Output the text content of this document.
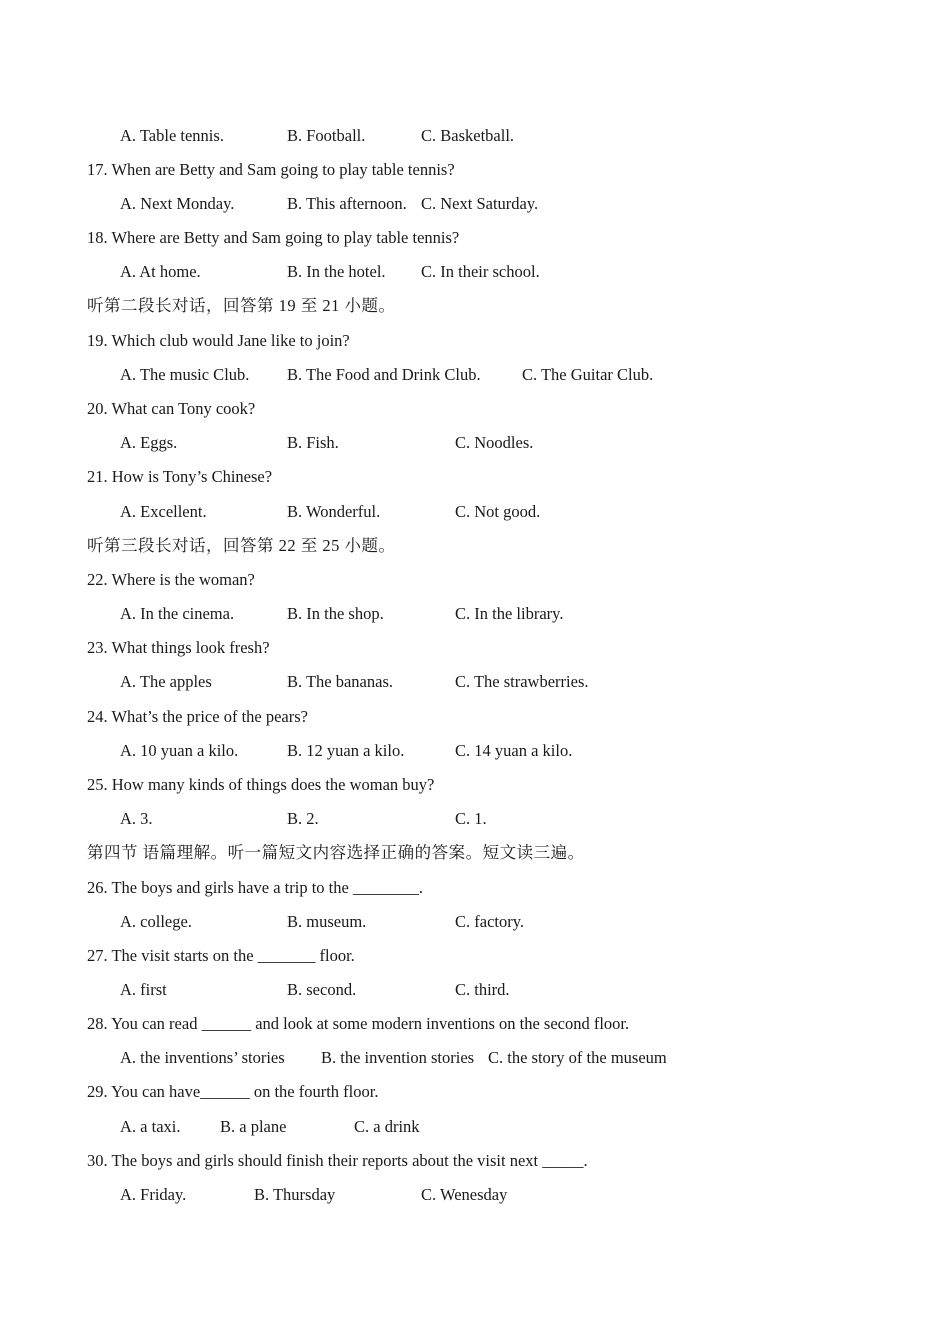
A. Table tennis.	B. Football.	C. Basketball.
17. When are Betty and Sam going to play table tennis?
A. Next Monday.	B. This afternoon. C. Next Saturday.
18. Where are Betty and Sam going to play table tennis?
A. At home.	B. In the hotel. C. In their school.
听第二段长对话，回答第 19 至 21 小题。
19. Which club would Jane like to join?
A. The music Club. B. The Food and Drink Club.	C. The Guitar Club.
20. What can Tony cook?
A. Eggs.	B. Fish.	C. Noodles.
21. How is Tony’s Chinese?
A. Excellent.	B. Wonderful.	C. Not good.
听第三段长对话，回答第 22 至 25 小题。
22. Where is the woman?
A. In the cinema.	B. In the shop.	C. In the library.
23. What things look fresh?
A. The apples	B. The bananas.	C. The strawberries.
24. What’s the price of the pears?
A. 10 yuan a kilo.	B. 12 yuan a kilo.	C. 14 yuan a kilo.
25. How many kinds of things does the woman buy?
A. 3.	B. 2.	C. 1.
第四节 语篇理解。听一篇短文内容选择正确的答案。短文读三遍。
26. The boys and girls have a trip to the ________.
A. college.	B. museum.	C. factory.
27. The visit starts on the _______ floor.
A. first	B. second.	C. third.
28. You can read ______ and look at some modern inventions on the second floor.
A. the inventions’ stories B. the invention stories C. the story of the museum
29. You can have______ on the fourth floor.
A. a taxi. B. a plane	C. a drink
30. The boys and girls should finish their reports about the visit next _____.
A. Friday.	B. Thursday	C. Wenesday
